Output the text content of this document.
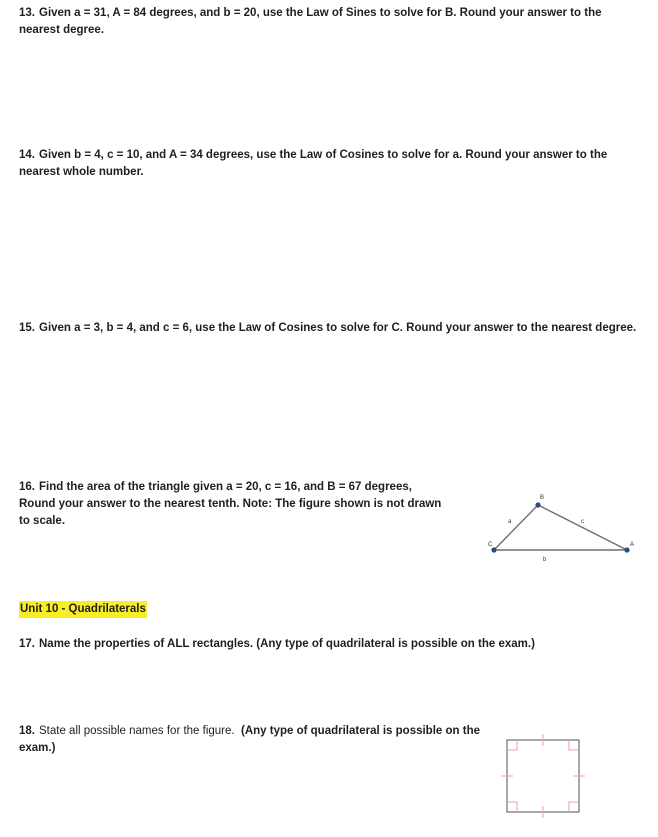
13. Given a = 31, A = 84 degrees, and b = 20, use the Law of Sines to solve for B. Round your answer to the nearest degree.

14. Given b = 4, c = 10, and A = 34 degrees, use the Law of Cosines to solve for a. Round your answer to the nearest whole number.

15. Given a = 3, b = 4, and c = 6, use the Law of Cosines to solve for C. Round your answer to the nearest degree.

16. Find the area of the triangle given a = 20, c = 16, and B = 67 degrees, Round your answer to the nearest tenth. Note: The figure shown is not drawn to scale.

B
C	A
a	c
b
Unit 10 - Quadrilaterals

17. Name the properties of ALL rectangles. (Any type of quadrilateral is possible on the exam.)

18. State all possible names for the figure. (Any type of quadrilateral is possible on the exam.)
